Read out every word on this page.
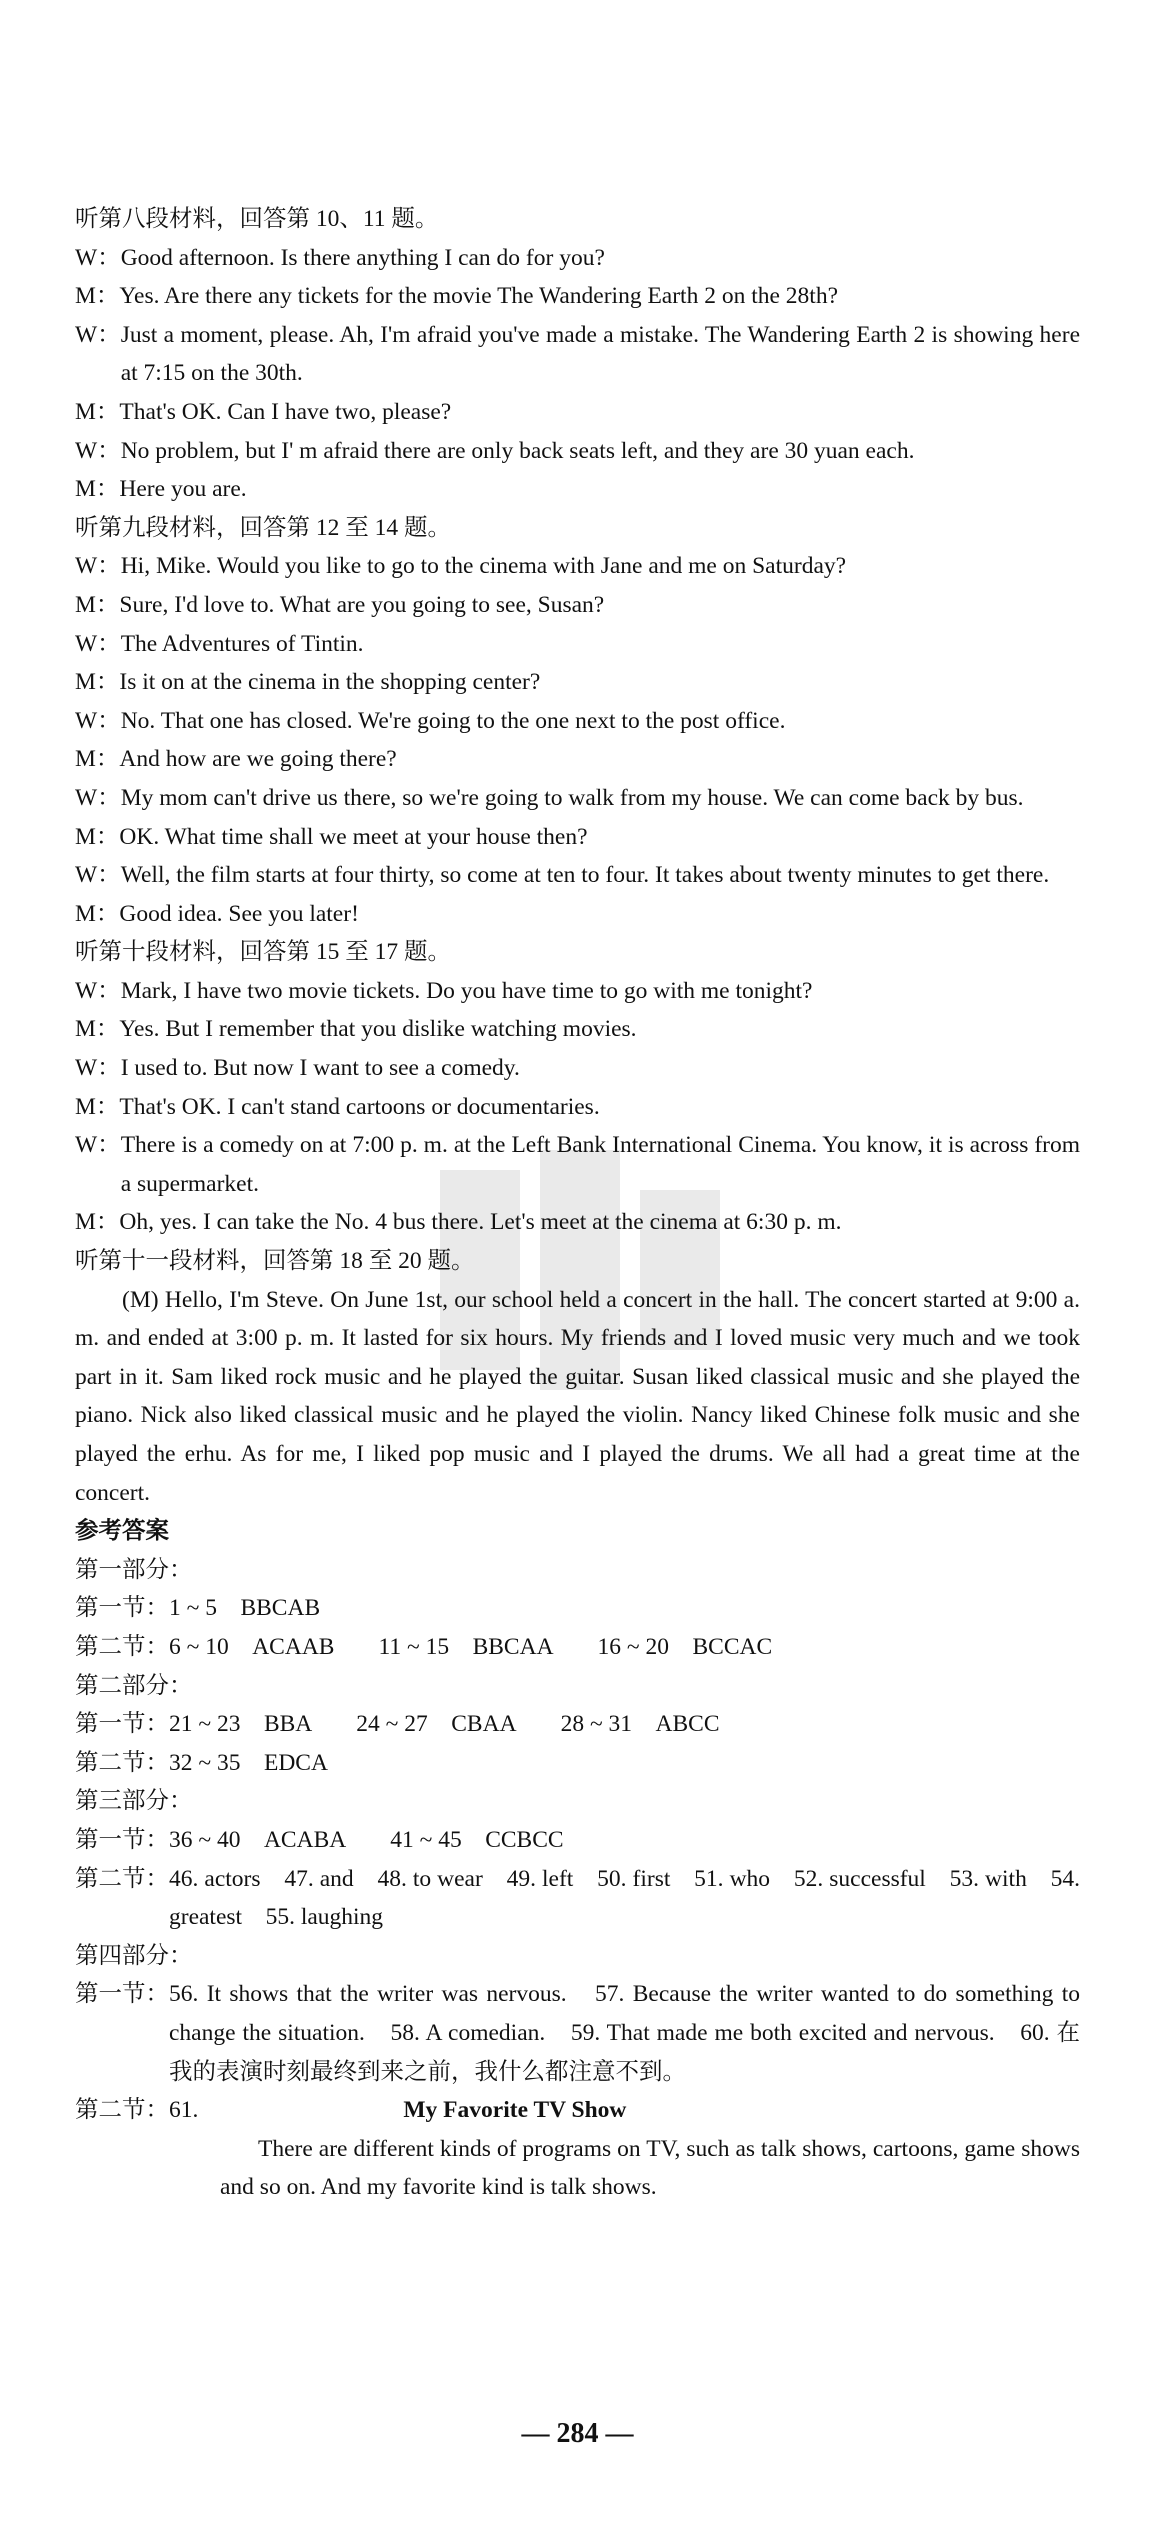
听第八段材料，回答第 10、11 题。
W： Good afternoon. Is there anything I can do for you?
M： Yes. Are there any tickets for the movie The Wandering Earth 2 on the 28th?
W： Just a moment, please. Ah, I'm afraid you've made a mistake. The Wandering Earth 2 is showing here at 7:15 on the 30th.
M： That's OK. Can I have two, please?
W： No problem, but I' m afraid there are only back seats left, and they are 30 yuan each.
M： Here you are.
听第九段材料，回答第 12 至 14 题。
W： Hi, Mike. Would you like to go to the cinema with Jane and me on Saturday?
M： Sure, I'd love to. What are you going to see, Susan?
W： The Adventures of Tintin.
M： Is it on at the cinema in the shopping center?
W： No. That one has closed. We're going to the one next to the post office.
M： And how are we going there?
W： My mom can't drive us there, so we're going to walk from my house. We can come back by bus.
M： OK. What time shall we meet at your house then?
W： Well, the film starts at four thirty, so come at ten to four. It takes about twenty minutes to get there.
M： Good idea. See you later!
听第十段材料，回答第 15 至 17 题。
W： Mark, I have two movie tickets. Do you have time to go with me tonight?
M： Yes. But I remember that you dislike watching movies.
W： I used to. But now I want to see a comedy.
M： That's OK. I can't stand cartoons or documentaries.
W： There is a comedy on at 7:00 p. m. at the Left Bank International Cinema. You know, it is across from a supermarket.
M： Oh, yes. I can take the No. 4 bus there. Let's meet at the cinema at 6:30 p. m.
听第十一段材料，回答第 18 至 20 题。
(M) Hello, I'm Steve. On June 1st, our school held a concert in the hall. The concert started at 9:00 a. m. and ended at 3:00 p. m. It lasted for six hours. My friends and I loved music very much and we took part in it. Sam liked rock music and he played the guitar. Susan liked classical music and she played the piano. Nick also liked classical music and he played the violin. Nancy liked Chinese folk music and she played the erhu. As for me, I liked pop music and I played the drums. We all had a great time at the concert.
参考答案
第一部分：
第一节： 1 ~ 5　BBCAB
第二节： 6 ~ 10　ACAAB 11 ~ 15　BBCAA 16 ~ 20　BCCAC
第二部分：
第一节： 21 ~ 23　BBA 24 ~ 27　CBAA 28 ~ 31　ABCC
第二节： 32 ~ 35　EDCA
第三部分：
第一节： 36 ~ 40　ACABA 41 ~ 45　CCBCC
第二节： 46. actors　47. and　48. to wear　49. left　50. first　51. who　52. successful　53. with　54. greatest　55. laughing
第四部分：
第一节： 56. It shows that the writer was nervous.　57. Because the writer wanted to do something to change the situation.　58. A comedian.　59. That made me both excited and nervous.　60. 在我的表演时刻最终到来之前，我什么都注意不到。
第二节： 61.	My Favorite TV Show
There are different kinds of programs on TV, such as talk shows, cartoons, game shows and so on. And my favorite kind is talk shows.
— 284 —
